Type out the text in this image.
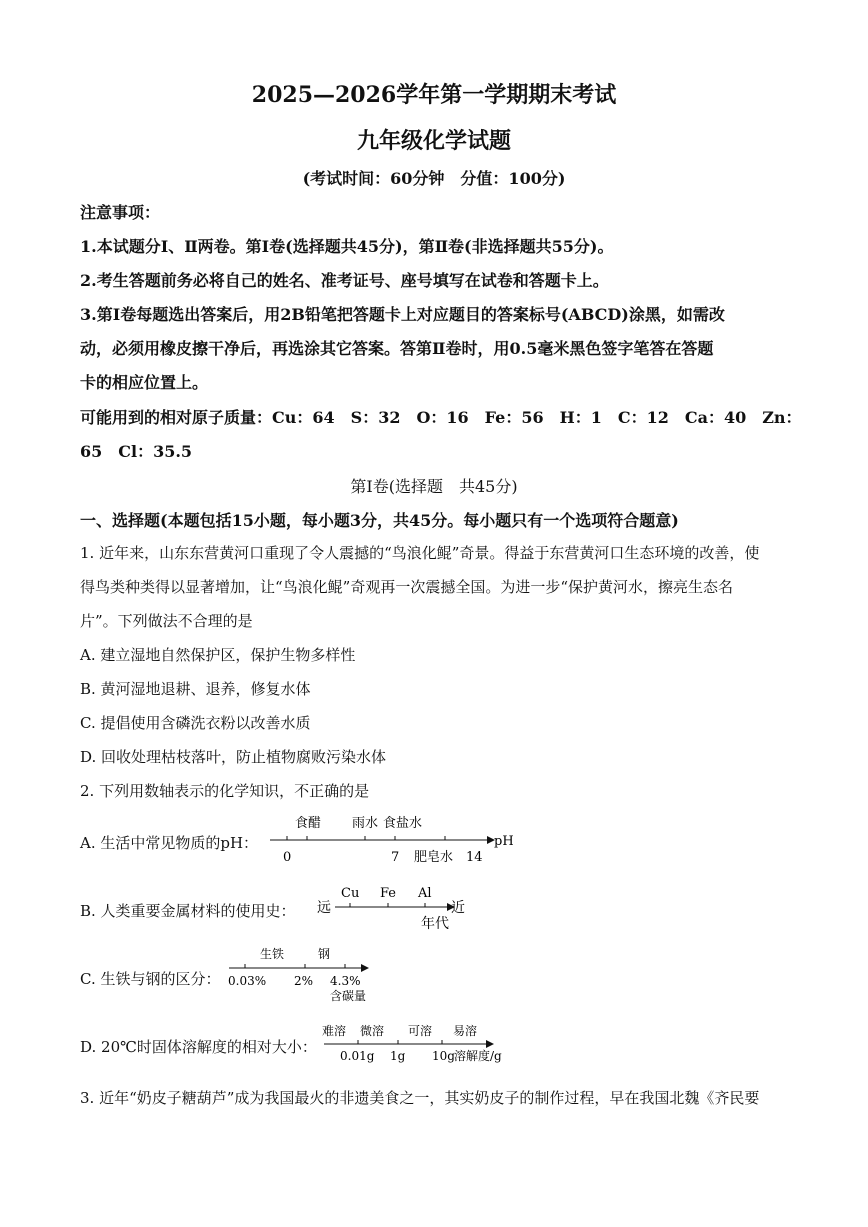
2025—2026学年第一学期期末考试
九年级化学试题
(考试时间：60分钟　分值：100分)
注意事项：
1.本试题分Ⅰ、Ⅱ两卷。第Ⅰ卷(选择题共45分)，第Ⅱ卷(非选择题共55分)。
2.考生答题前务必将自己的姓名、准考证号、座号填写在试卷和答题卡上。
3.第Ⅰ卷每题选出答案后，用2B铅笔把答题卡上对应题目的答案标号(ABCD)涂黑，如需改
动，必须用橡皮擦干净后，再选涂其它答案。答第Ⅱ卷时，用0.5毫米黑色签字笔答在答题
卡的相应位置上。
可能用到的相对原子质量：Cu：64　S：32　O：16　Fe：56　H：1　C：12　Ca：40　Zn：
65　Cl：35.5
第Ⅰ卷(选择题　共45分)
一、选择题(本题包括15小题，每小题3分，共45分。每小题只有一个选项符合题意)
1. 近年来，山东东营黄河口重现了令人震撼的“鸟浪化鲲”奇景。得益于东营黄河口生态环境的改善，使
得鸟类种类得以显著增加，让“鸟浪化鲲”奇观再一次震撼全国。为进一步“保护黄河水，擦亮生态名
片”。下列做法不合理的是
A. 建立湿地自然保护区，保护生物多样性
B. 黄河湿地退耕、退养，修复水体
C. 提倡使用含磷洗衣粉以改善水质
D. 回收处理枯枝落叶，防止植物腐败污染水体
2. 下列用数轴表示的化学知识，不正确的是
A. 生活中常见物质的pH：
食醋 雨水 食盐水
0	7 肥皂水 14
pH
B. 人类重要金属材料的使用史： 远
Cu Fe Al
近
年代
C. 生铁与钢的区分：
生铁	钢
0.03% 2% 4.3%
含碳量
D. 20℃时固体溶解度的相对大小：
难溶 微溶 可溶 易溶
0.01g 1g 10g 溶解度/g
3. 近年“奶皮子糖葫芦”成为我国最火的非遗美食之一，其实奶皮子的制作过程，早在我国北魏《齐民要
